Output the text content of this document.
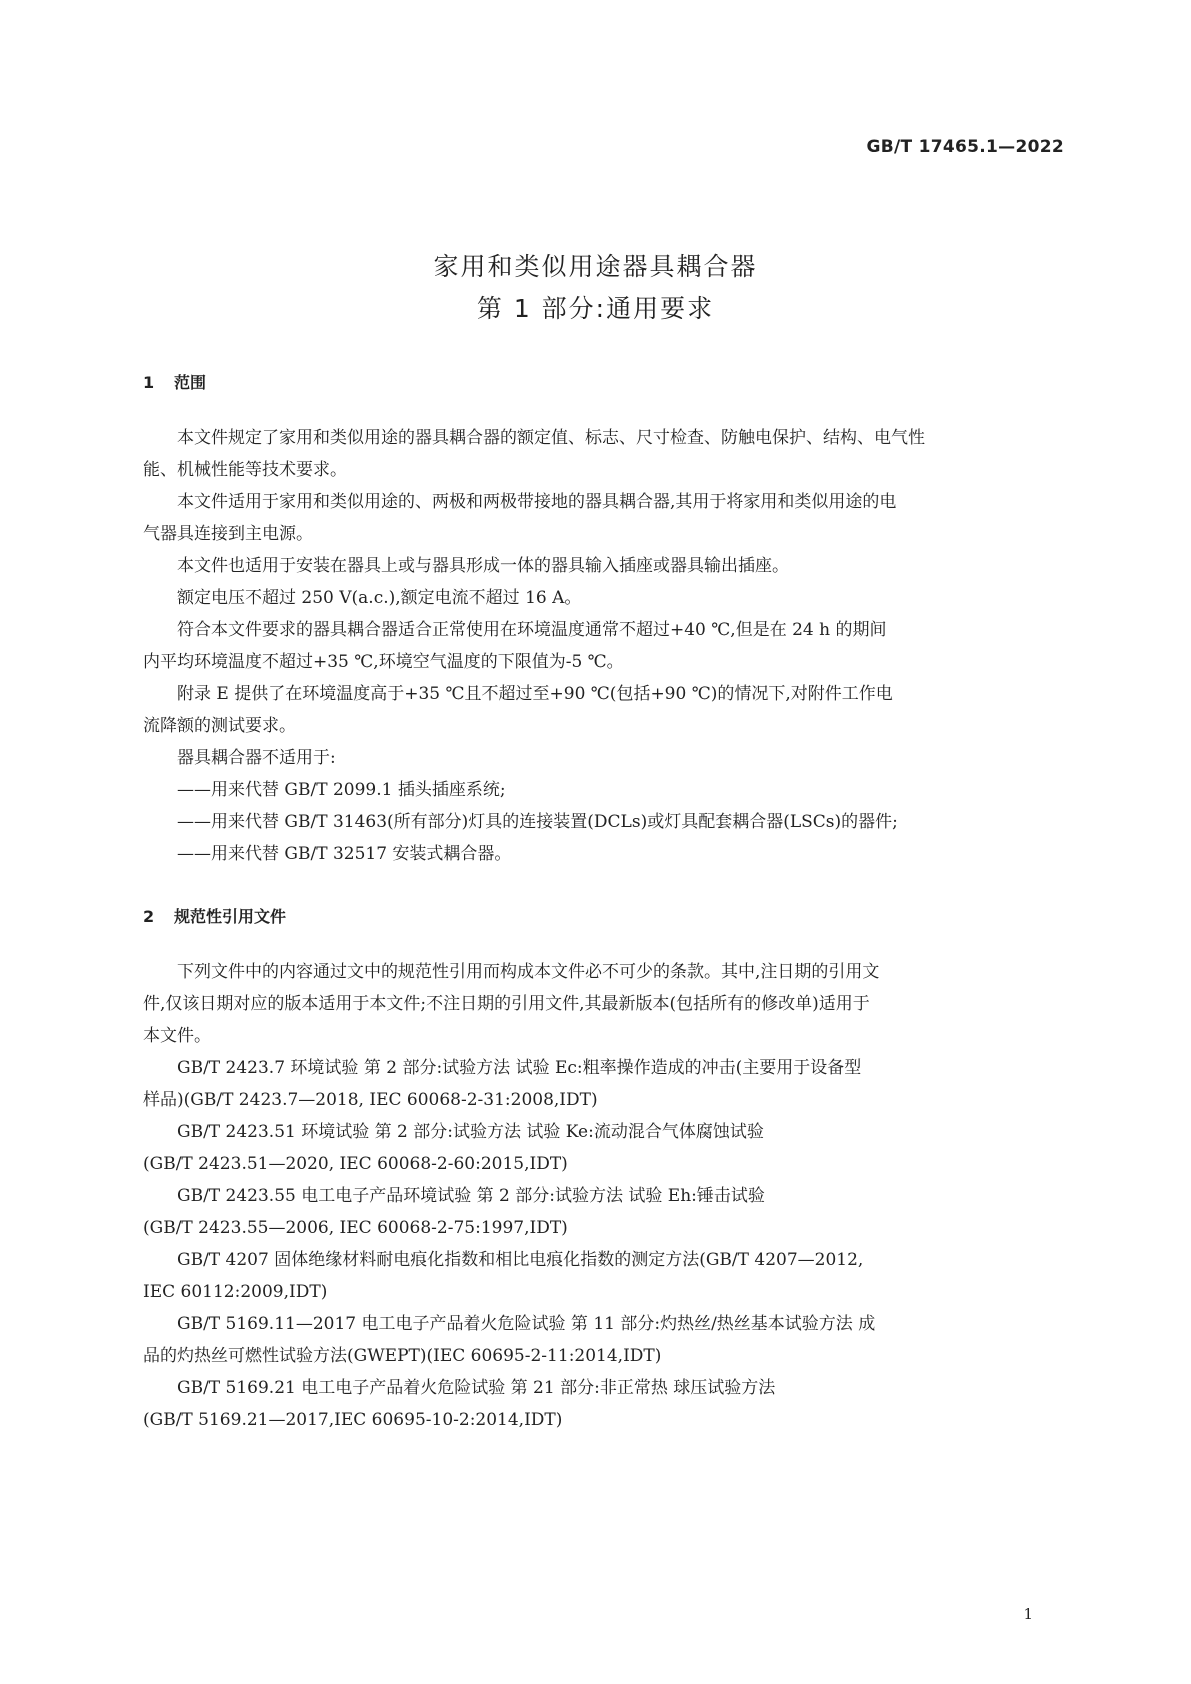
GB/T 17465.1—2022
家用和类似用途器具耦合器
第 1 部分:通用要求
1 范围
本文件规定了家用和类似用途的器具耦合器的额定值、标志、尺寸检查、防触电保护、结构、电气性
能、机械性能等技术要求。
本文件适用于家用和类似用途的、两极和两极带接地的器具耦合器,其用于将家用和类似用途的电
气器具连接到主电源。
本文件也适用于安装在器具上或与器具形成一体的器具输入插座或器具输出插座。
额定电压不超过 250 V(a.c.),额定电流不超过 16 A。
符合本文件要求的器具耦合器适合正常使用在环境温度通常不超过+40 ℃,但是在 24 h 的期间
内平均环境温度不超过+35 ℃,环境空气温度的下限值为-5 ℃。
附录 E 提供了在环境温度高于+35 ℃且不超过至+90 ℃(包括+90 ℃)的情况下,对附件工作电
流降额的测试要求。
器具耦合器不适用于:
——用来代替 GB/T 2099.1 插头插座系统;
——用来代替 GB/T 31463(所有部分)灯具的连接装置(DCLs)或灯具配套耦合器(LSCs)的器件;
——用来代替 GB/T 32517 安装式耦合器。
2 规范性引用文件
下列文件中的内容通过文中的规范性引用而构成本文件必不可少的条款。其中,注日期的引用文
件,仅该日期对应的版本适用于本文件;不注日期的引用文件,其最新版本(包括所有的修改单)适用于
本文件。
GB/T 2423.7 环境试验 第 2 部分:试验方法 试验 Ec:粗率操作造成的冲击(主要用于设备型
样品)(GB/T 2423.7—2018, IEC 60068-2-31:2008,IDT)
GB/T 2423.51 环境试验 第 2 部分:试验方法 试验 Ke:流动混合气体腐蚀试验
(GB/T 2423.51—2020, IEC 60068-2-60:2015,IDT)
GB/T 2423.55 电工电子产品环境试验 第 2 部分:试验方法 试验 Eh:锤击试验
(GB/T 2423.55—2006, IEC 60068-2-75:1997,IDT)
GB/T 4207 固体绝缘材料耐电痕化指数和相比电痕化指数的测定方法(GB/T 4207—2012,
IEC 60112:2009,IDT)
GB/T 5169.11—2017 电工电子产品着火危险试验 第 11 部分:灼热丝/热丝基本试验方法 成
品的灼热丝可燃性试验方法(GWEPT)(IEC 60695-2-11:2014,IDT)
GB/T 5169.21 电工电子产品着火危险试验 第 21 部分:非正常热 球压试验方法
(GB/T 5169.21—2017,IEC 60695-10-2:2014,IDT)
1
